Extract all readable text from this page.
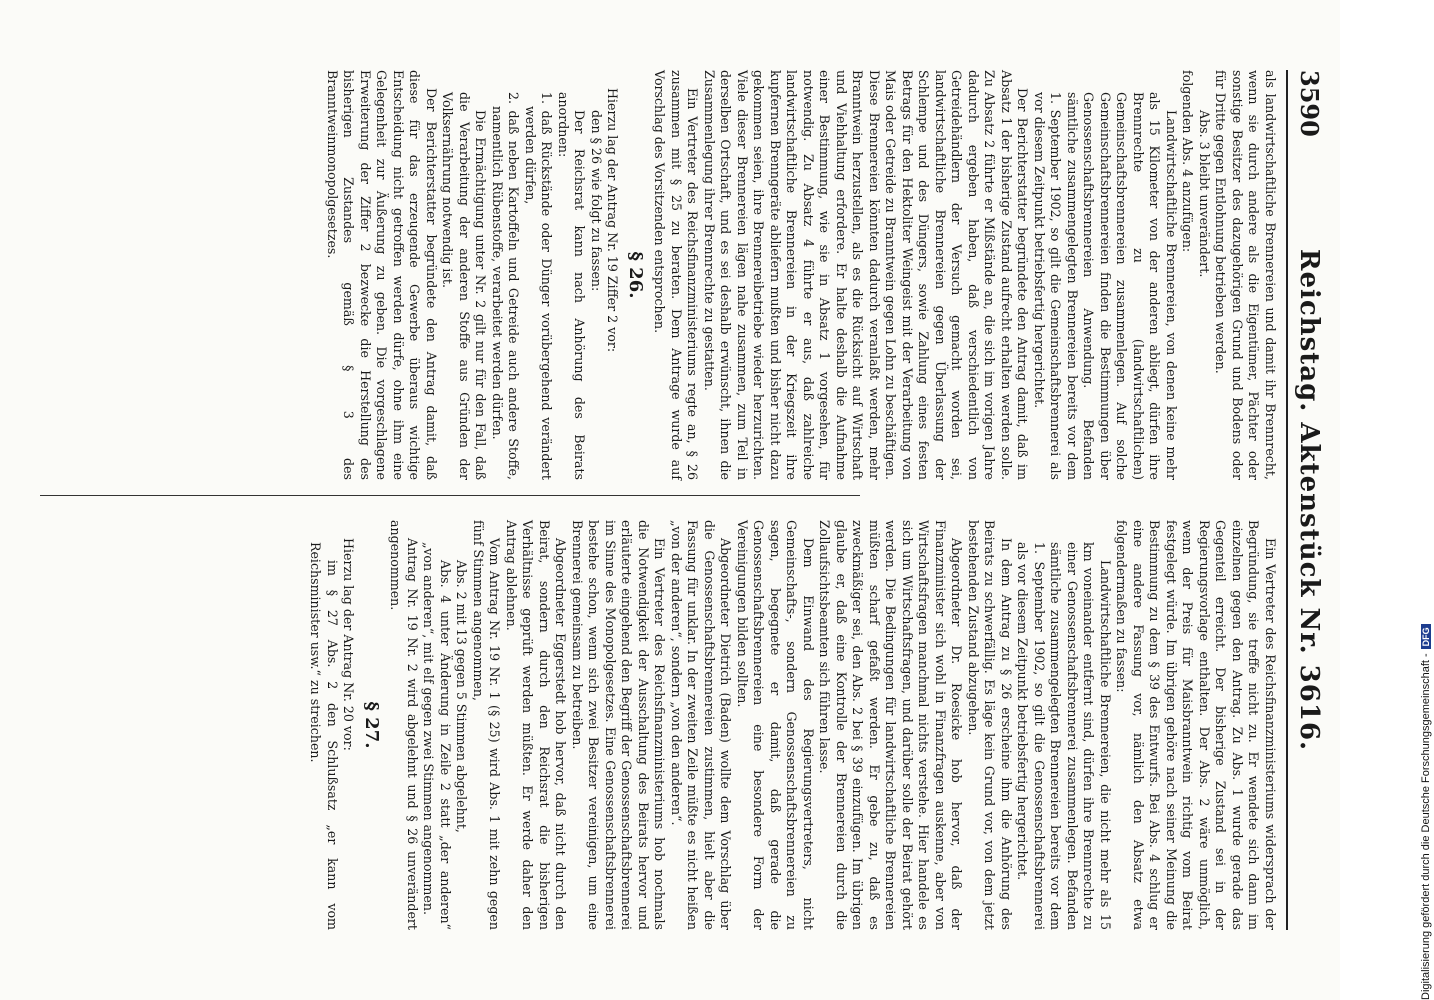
3590
Reichstag. Aktenstück Nr. 3616.

als landwirtschaftliche Brennereien und damit ihr Brennrecht, wenn sie durch andere als die Eigentümer, Pächter oder sonstige Besitzer des dazugehörigen Grund und Bodens oder für Dritte gegen Entlohnung betrieben werden.

Abs. 3 bleibt unverändert.

folgenden Abs. 4 anzufügen:

Landwirtschaftliche Brennereien, von denen keine mehr als 15 Kilometer von der anderen abliegt, dürfen ihre Brennrechte zu (landwirtschaftlichen) Gemeinschaftsbrennereien zusammenlegen. Auf solche Gemeinschaftsbrennereien finden die Bestimmungen über Genossenschaftsbrennereien Anwendung. Befanden sämtliche zusammengelegten Brennereien bereits vor dem 1. September 1902, so gilt die Gemeinschaftsbrennerei als vor diesem Zeitpunkt betriebsfertig hergerichtet.

Der Berichterstatter begründete den Antrag damit, daß im Absatz 1 der bisherige Zustand aufrecht erhalten werden solle. Zu Absatz 2 führte er Mißstände an, die sich im vorigen Jahre dadurch ergeben haben, daß verschiedentlich von Getreidehändlern der Versuch gemacht worden sei, landwirtschaftliche Brennereien gegen Überlassung der Schlempe und des Düngers, sowie Zahlung eines festen Betrags für den Hektoliter Weingeist mit der Verarbeitung von Mais oder Getreide zu Branntwein gegen Lohn zu beschäftigen. Diese Brennereien könnten dadurch veranlaßt werden, mehr Branntwein herzustellen, als es die Rücksicht auf Wirtschaft und Viehhaltung erfordere. Er halte deshalb die Aufnahme einer Bestimmung, wie sie in Absatz 1 vorgesehen, für notwendig. Zu Absatz 4 führte er aus, daß zahlreiche landwirtschaftliche Brennereien in der Kriegszeit ihre kupfernen Brenngeräte abliefern mußten und bisher nicht dazu gekommen seien, ihre Brennereibetriebe wieder herzurichten. Viele dieser Brennereien lägen nahe zusammen, zum Teil in derselben Ortschaft, und es sei deshalb erwünscht, ihnen die Zusammenlegung ihrer Brennrechte zu gestatten.

Ein Vertreter des Reichsfinanzministeriums regte an, § 26 zusammen mit § 25 zu beraten. Dem Antrage wurde auf Vorschlag des Vorsitzenden entsprochen.

§ 26.

Hierzu lag der Antrag Nr. 19 Ziffer 2 vor:

den § 26 wie folgt zu fassen:

Der Reichsrat kann nach Anhörung des Beirats anordnen:

1. daß Rückstände oder Dünger vorübergehend verändert werden dürfen,

2. daß neben Kartoffeln und Getreide auch andere Stoffe, namentlich Rübenstoffe, verarbeitet werden dürfen.

Die Ermächtigung unter Nr. 2 gilt nur für den Fall, daß die Verarbeitung der anderen Stoffe aus Gründen der Volksernährung notwendig ist.

Der Berichterstatter begründete den Antrag damit, daß diese für das erzeugende Gewerbe überaus wichtige Entscheidung nicht getroffen werden dürfe, ohne ihm eine Gelegenheit zur Äußerung zu geben. Die vorgeschlagene Erweiterung der Ziffer 2 bezwecke die Herstellung des bisherigen Zustandes gemäß § 3 des Branntweinmonopolgesetzes.

Ein Vertreter des Reichsfinanzministeriums widersprach der Begründung, sie treffe nicht zu. Er wendete sich dann im einzelnen gegen den Antrag. Zu Abs. 1 wurde gerade das Gegenteil erreicht. Der bisherige Zustand sei in der Regierungsvorlage enthalten. Der Abs. 2 wäre unmöglich, wenn der Preis für Maisbranntwein richtig vom Beirat festgelegt würde. Im übrigen gehöre nach seiner Meinung die Bestimmung zu dem § 39 des Entwurfs. Bei Abs. 4 schlug er eine andere Fassung vor, nämlich den Absatz etwa folgendermaßen zu fassen:

Landwirtschaftliche Brennereien, die nicht mehr als 15 km voneinander entfernt sind, dürfen ihre Brennrechte zu einer Genossenschaftsbrennerei zusammenlegen. Befanden sämtliche zusammengelegten Brennereien bereits vor dem 1. September 1902, so gilt die Genossenschaftsbrennerei als vor diesem Zeitpunkt betriebsfertig hergerichtet.

In dem Antrag zu § 26 erscheine ihm die Anhörung des Beirats zu schwerfällig. Es läge kein Grund vor, von dem jetzt bestehenden Zustand abzugehen.

Abgeordneter Dr. Roesicke hob hervor, daß der Finanzminister sich wohl in Finanzfragen auskenne, aber von Wirtschaftsfragen manchmal nichts verstehe. Hier handele es sich um Wirtschaftsfragen, und darüber solle der Beirat gehört werden. Die Bedingungen für landwirtschaftliche Brennereien müßten scharf gefaßt werden. Er gebe zu, daß es zweckmäßiger sei, den Abs. 2 bei § 39 einzufügen. Im übrigen glaube er, daß eine Kontrolle der Brennereien durch die Zollaufsichtsbeamten sich führen lasse.

Dem Einwand des Regierungsvertreters, nicht Gemeinschafts-, sondern Genossenschaftsbrennereien zu sagen, begegnete er damit, daß gerade die Genossenschaftsbrennereien eine besondere Form der Vereinigungen bilden sollten.

Abgeordneter Dietrich (Baden) wollte dem Vorschlag über die Genossenschaftsbrennereien zustimmen, hielt aber die Fassung für unklar. In der zweiten Zeile müßte es nicht heißen „von der anderen“, sondern „von den anderen“.

Ein Vertreter des Reichsfinanzministeriums hob nochmals die Notwendigkeit der Ausschaltung des Beirats hervor und erläuterte eingehend den Begriff der Genossenschaftsbrennerei im Sinne des Monopolgesetzes. Eine Genossenschaftsbrennerei bestehe schon, wenn sich zwei Besitzer vereinigen, um eine Brennerei gemeinsam zu betreiben.

Abgeordneter Eggerstedt hob hervor, daß nicht durch den Beirat, sondern durch den Reichsrat die bisherigen Verhältnisse geprüft werden müßten. Er werde daher den Antrag ablehnen.

Vom Antrag Nr. 19 Nr. 1 (§ 25) wird Abs. 1 mit zehn gegen fünf Stimmen angenommen,

Abs. 2 mit 13 gegen 5 Stimmen abgelehnt,

Abs. 4 unter Änderung in Zeile 2 statt „der anderen“ „von anderen“, mit elf gegen zwei Stimmen angenommen.

Antrag Nr. 19 Nr. 2 wird abgelehnt und § 26 unverändert angenommen.

§ 27.

Hierzu lag der Antrag Nr. 20 vor:

im § 27 Abs. 2 den Schlußsatz „er kann vom Reichsminister usw.“ zu streichen.

Digitalisierung gefördert durch die Deutsche Forschungsgemeinschaft -DFG
